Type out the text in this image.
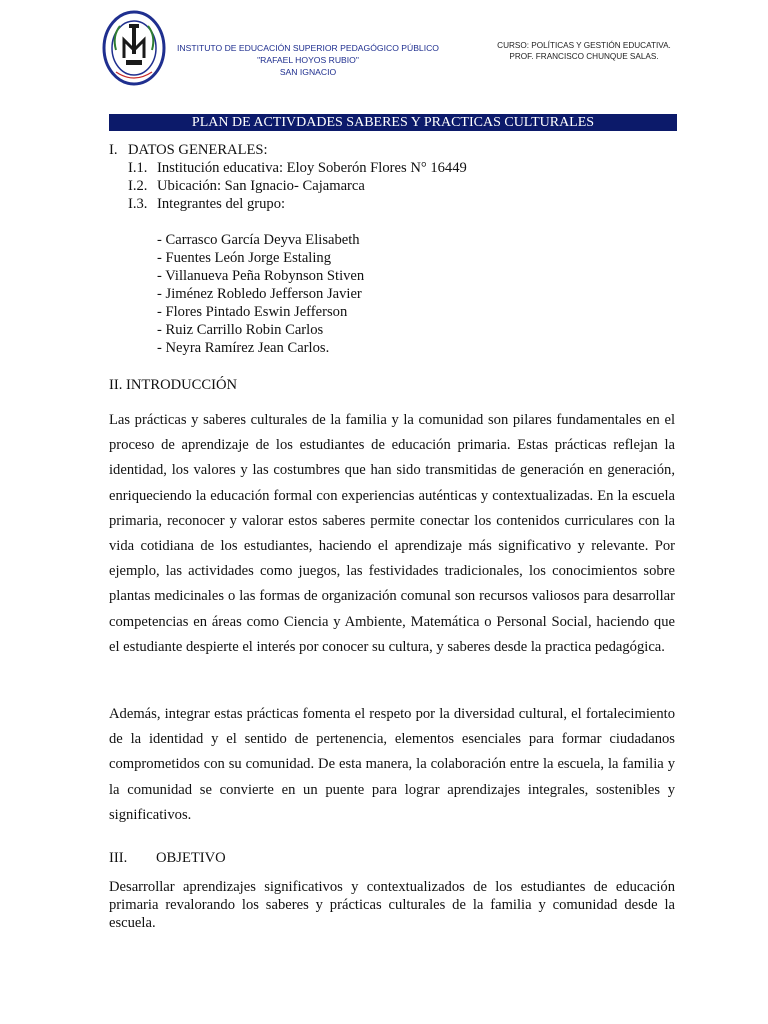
INSTITUTO DE EDUCACIÓN SUPERIOR PEDAGÓGICO PÚBLICO
"RAFAEL HOYOS RUBIO"
SAN IGNACIO
CURSO: POLÍTICAS Y GESTIÓN EDUCATIVA.
PROF. FRANCISCO CHUNQUE SALAS.
PLAN DE ACTIVDADES SABERES Y PRACTICAS CULTURALES
I. DATOS GENERALES:
I.1. Institución educativa: Eloy Soberón Flores N° 16449
I.2. Ubicación: San Ignacio- Cajamarca
I.3. Integrantes del grupo:
- Carrasco García Deyva Elisabeth
- Fuentes León Jorge Estaling
- Villanueva Peña Robynson Stiven
- Jiménez Robledo Jefferson Javier
- Flores Pintado Eswin Jefferson
- Ruiz Carrillo Robin Carlos
- Neyra Ramírez Jean Carlos.
II. INTRODUCCIÓN

Las prácticas y saberes culturales de la familia y la comunidad son pilares fundamentales en el proceso de aprendizaje de los estudiantes de educación primaria. Estas prácticas reflejan la identidad, los valores y las costumbres que han sido transmitidas de generación en generación, enriqueciendo la educación formal con experiencias auténticas y contextualizadas. En la escuela primaria, reconocer y valorar estos saberes permite conectar los contenidos curriculares con la vida cotidiana de los estudiantes, haciendo el aprendizaje más significativo y relevante. Por ejemplo, las actividades como juegos, las festividades tradicionales, los conocimientos sobre plantas medicinales o las formas de organización comunal son recursos valiosos para desarrollar competencias en áreas como Ciencia y Ambiente, Matemática o Personal Social, haciendo que el estudiante despierte el interés por conocer su cultura, y saberes desde la practica pedagógica.

Además, integrar estas prácticas fomenta el respeto por la diversidad cultural, el fortalecimiento de la identidad y el sentido de pertenencia, elementos esenciales para formar ciudadanos comprometidos con su comunidad. De esta manera, la colaboración entre la escuela, la familia y la comunidad se convierte en un puente para lograr aprendizajes integrales, sostenibles y significativos.

III. OBJETIVO

Desarrollar aprendizajes significativos y contextualizados de los estudiantes de educación primaria revalorando los saberes y prácticas culturales de la familia y comunidad desde la escuela.
